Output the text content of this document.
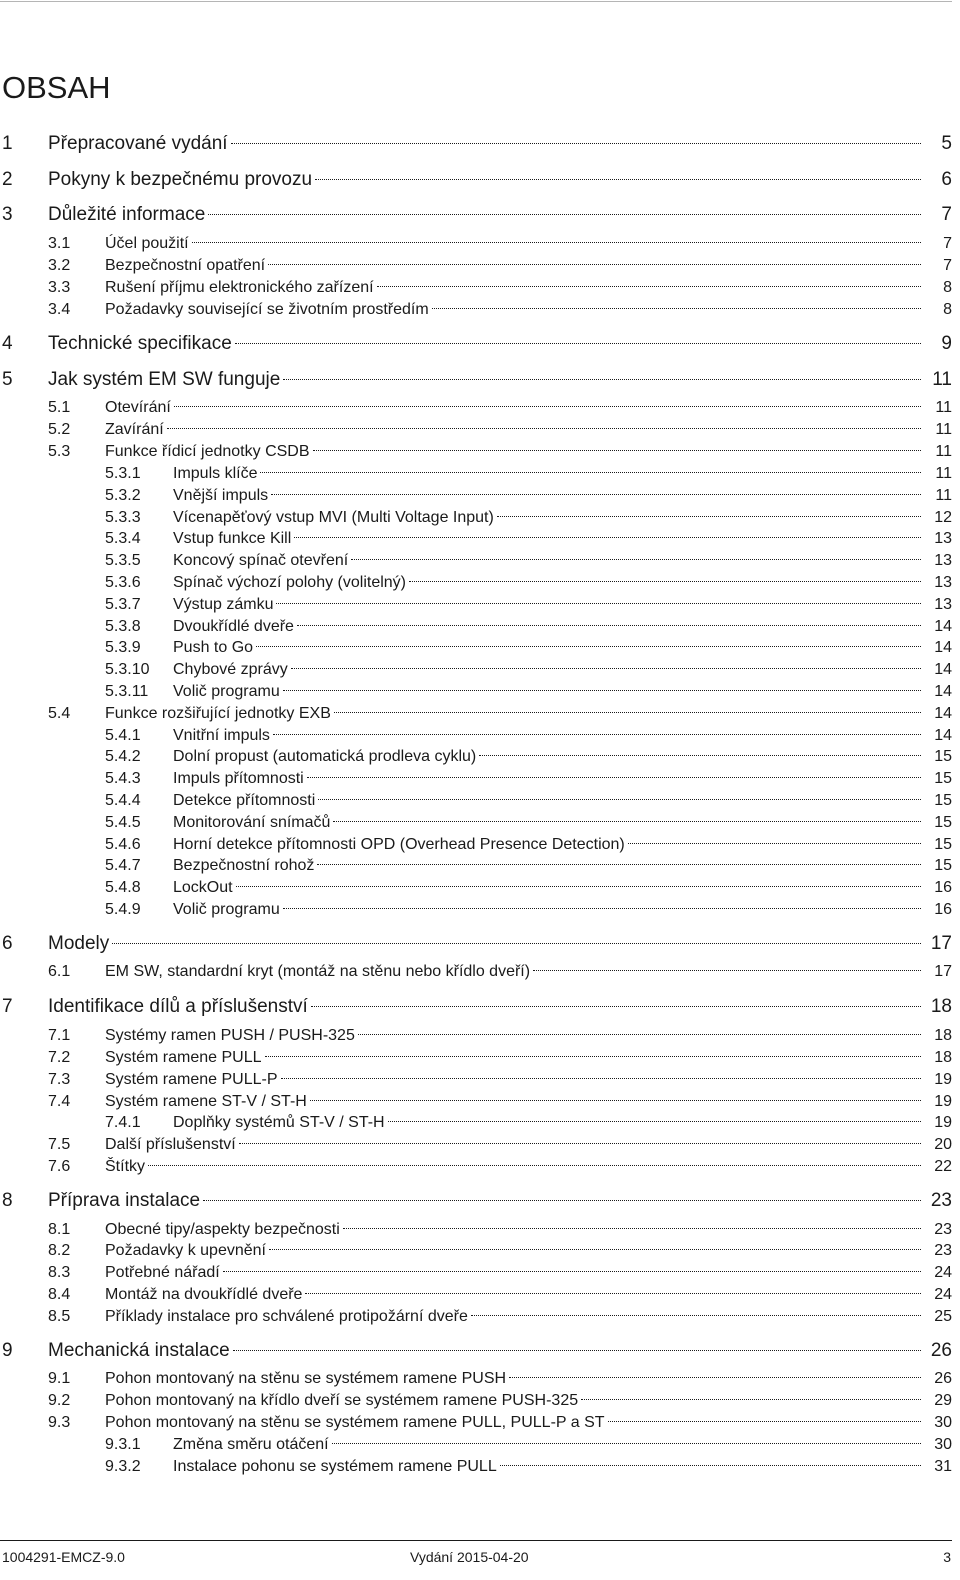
OBSAH
1 Přepracované vydání	5
2 Pokyny k bezpečnému provozu	6
3 Důležité informace	7
3.1 Účel použití	7
3.2 Bezpečnostní opatření	7
3.3 Rušení příjmu elektronického zařízení	8
3.4 Požadavky související se životním prostředím	8
4 Technické specifikace	9
5 Jak systém EM SW funguje	11
5.1 Otevírání	11
5.2 Zavírání	11
5.3 Funkce řídicí jednotky CSDB	11
5.3.1 Impuls klíče	11
5.3.2 Vnější impuls	11
5.3.3 Vícenapěťový vstup MVI (Multi Voltage Input)	12
5.3.4 Vstup funkce Kill	13
5.3.5 Koncový spínač otevření	13
5.3.6 Spínač výchozí polohy (volitelný)	13
5.3.7 Výstup zámku	13
5.3.8 Dvoukřídlé dveře	14
5.3.9 Push to Go	14
5.3.10 Chybové zprávy	14
5.3.11 Volič programu	14
5.4 Funkce rozšiřující jednotky EXB	14
5.4.1 Vnitřní impuls	14
5.4.2 Dolní propust (automatická prodleva cyklu)	15
5.4.3 Impuls přítomnosti	15
5.4.4 Detekce přítomnosti	15
5.4.5 Monitorování snímačů	15
5.4.6 Horní detekce přítomnosti OPD (Overhead Presence Detection)	15
5.4.7 Bezpečnostní rohož	15
5.4.8 LockOut	16
5.4.9 Volič programu	16
6 Modely	17
6.1 EM SW, standardní kryt (montáž na stěnu nebo křídlo dveří)	17
7 Identifikace dílů a příslušenství	18
7.1 Systémy ramen PUSH / PUSH-325	18
7.2 Systém ramene PULL	18
7.3 Systém ramene PULL-P	19
7.4 Systém ramene ST-V / ST-H	19
7.4.1 Doplňky systémů ST-V / ST-H	19
7.5 Další příslušenství	20
7.6 Štítky	22
8 Příprava instalace	23
8.1 Obecné tipy/aspekty bezpečnosti	23
8.2 Požadavky k upevnění	23
8.3 Potřebné nářadí	24
8.4 Montáž na dvoukřídlé dveře	24
8.5 Příklady instalace pro schválené protipožární dveře	25
9 Mechanická instalace	26
9.1 Pohon montovaný na stěnu se systémem ramene PUSH	26
9.2 Pohon montovaný na křídlo dveří se systémem ramene PUSH-325	29
9.3 Pohon montovaný na stěnu se systémem ramene PULL, PULL-P a ST	30
9.3.1 Změna směru otáčení	30
9.3.2 Instalace pohonu se systémem ramene PULL	31
1004291-EMCZ-9.0	Vydání 2015-04-20	3
